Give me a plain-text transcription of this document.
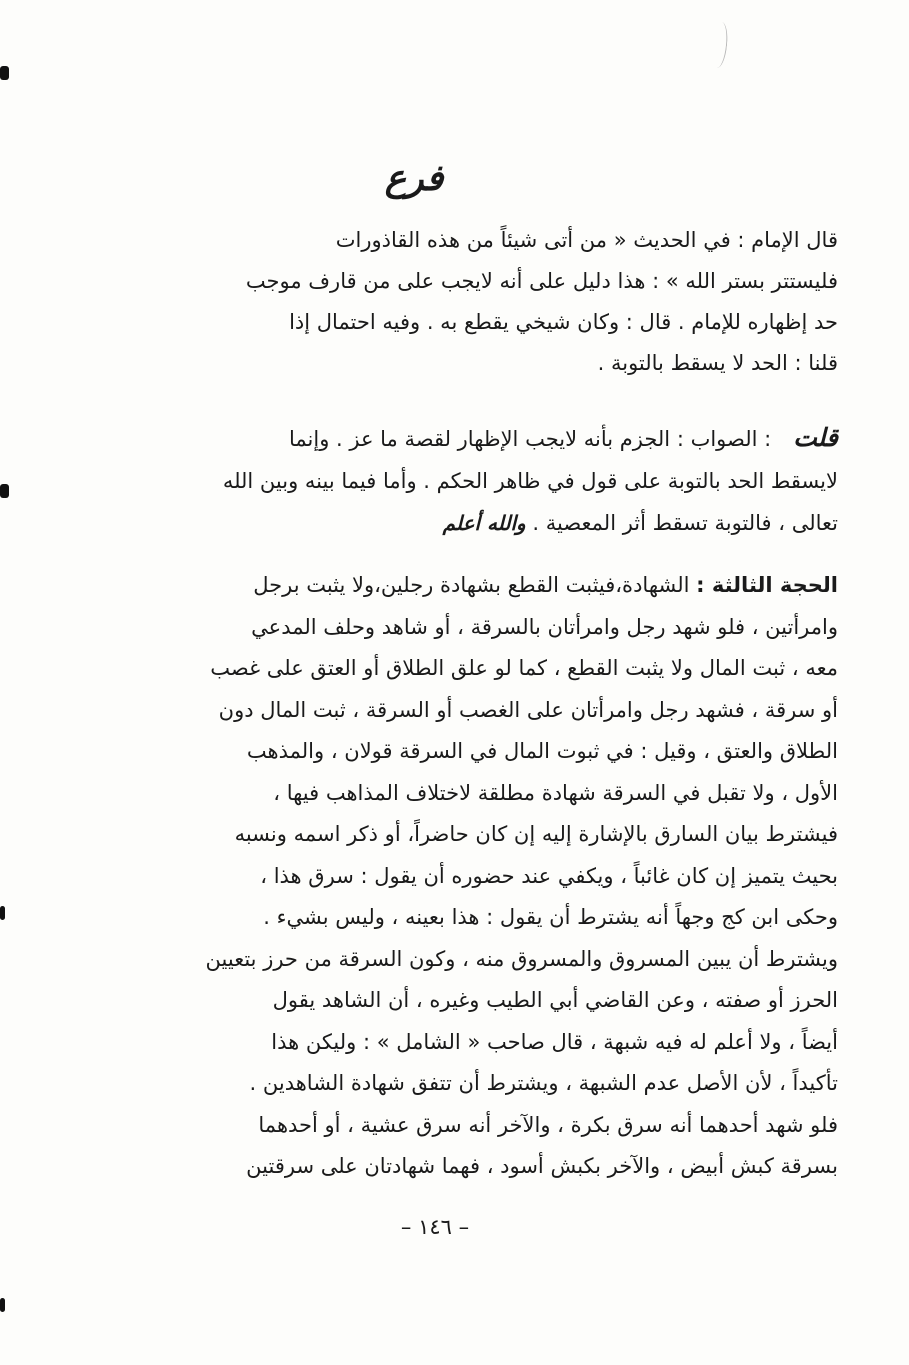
فرع
قال الإمام : في الحديث « من أتى شيئاً من هذه القاذورات
فليستتر بستر الله » : هذا دليل على أنه لايجب على من قارف موجب
حد إظهاره للإمام . قال : وكان شيخي يقطع به . وفيه احتمال إذا
قلنا : الحد لا يسقط بالتوبة .
قلت: الصواب : الجزم بأنه لايجب الإظهار لقصة ما عز . وإنما
لايسقط الحد بالتوبة على قول في ظاهر الحكم . وأما فيما بينه وبين الله
تعالى ، فالتوبة تسقط أثر المعصية . والله أعلم
الحجة الثالثة : الشهادة،فيثبت القطع بشهادة رجلين،ولا يثبت برجل
وامرأتين ، فلو شهد رجل وامرأتان بالسرقة ، أو شاهد وحلف المدعي
معه ، ثبت المال ولا يثبت القطع ، كما لو علق الطلاق أو العتق على غصب
أو سرقة ، فشهد رجل وامرأتان على الغصب أو السرقة ، ثبت المال دون
الطلاق والعتق ، وقيل : في ثبوت المال في السرقة قولان ، والمذهب
الأول ، ولا تقبل في السرقة شهادة مطلقة لاختلاف المذاهب فيها ،
فيشترط بيان السارق بالإشارة إليه إن كان حاضراً، أو ذكر اسمه ونسبه
بحيث يتميز إن كان غائباً ، ويكفي عند حضوره أن يقول : سرق هذا ،
وحكى ابن كج وجهاً أنه يشترط أن يقول : هذا بعينه ، وليس بشيء .
ويشترط أن يبين المسروق والمسروق منه ، وكون السرقة من حرز بتعيين
الحرز أو صفته ، وعن القاضي أبي الطيب وغيره ، أن الشاهد يقول
أيضاً ، ولا أعلم له فيه شبهة ، قال صاحب « الشامل » : وليكن هذا
تأكيداً ، لأن الأصل عدم الشبهة ، ويشترط أن تتفق شهادة الشاهدين .
فلو شهد أحدهما أنه سرق بكرة ، والآخر أنه سرق عشية ، أو أحدهما
بسرقة كبش أبيض ، والآخر بكبش أسود ، فهما شهادتان على سرقتين
– ١٤٦ –
